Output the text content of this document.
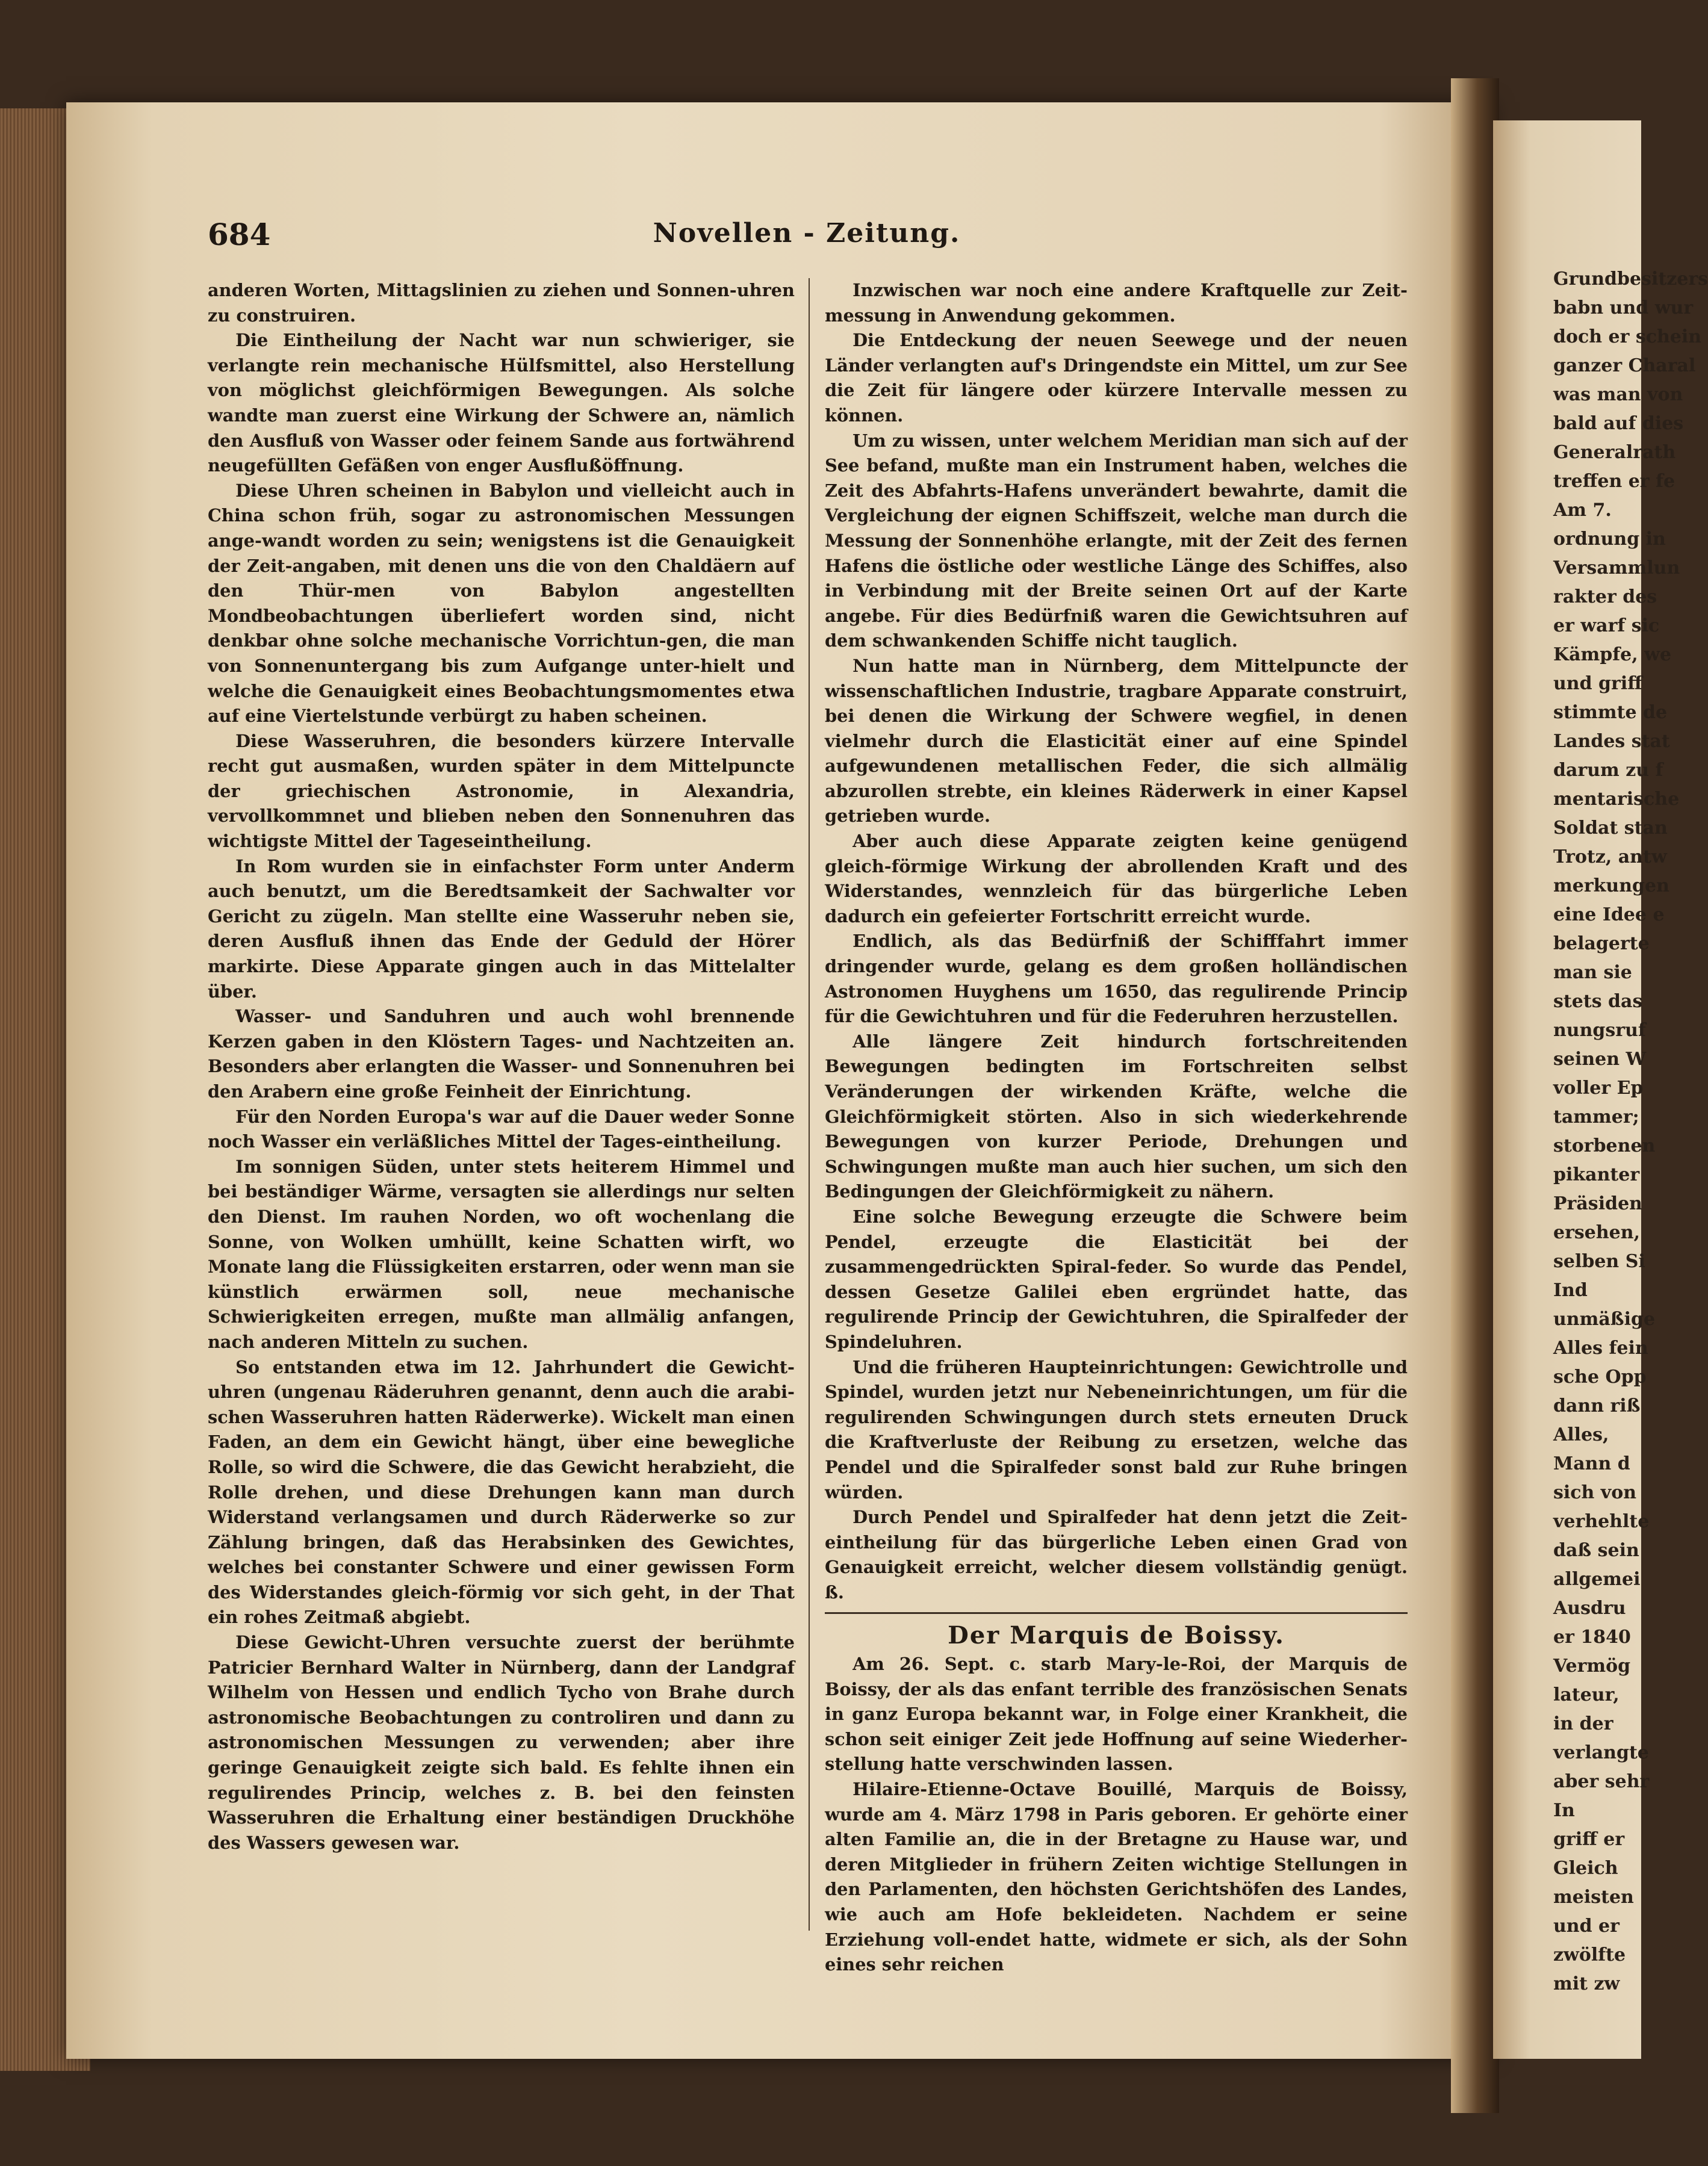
Grundbesitzers
babn und wur
doch er schein
ganzer Charal
was man von
bald auf dies
Generalrath
treffen er fe
Am 7.
ordnung in
Versammlun
rakter des
er warf sic
Kämpfe, we
und griff
stimmte de
Landes stat
darum zu f
mentarische
Soldat stan
Trotz, antw
merkungen
eine Idee e
belagerte
man sie
stets das
nungsruf
seinen W
voller Ep
tammer;
storbenen
pikanter
Präsiden
ersehen,
selben Si
Ind
unmäßige
Alles fein
sche Opp
dann riß
Alles,
Mann d
sich von
verhehlte
daß sein
allgemei
Ausdru
er 1840
Vermög
lateur,
in der
verlangte
aber sehr
In
griff er
Gleich
meisten
und er
zwölfte
mit zw
684	Novellen - Zeitung.

anderen Worten, Mittagslinien zu ziehen und Sonnen-uhren zu construiren.

Die Eintheilung der Nacht war nun schwieriger, sie verlangte rein mechanische Hülfsmittel, also Herstellung von möglichst gleichförmigen Bewegungen. Als solche wandte man zuerst eine Wirkung der Schwere an, nämlich den Ausfluß von Wasser oder feinem Sande aus fortwährend neugefüllten Gefäßen von enger Ausflußöffnung.

Diese Uhren scheinen in Babylon und vielleicht auch in China schon früh, sogar zu astronomischen Messungen ange-wandt worden zu sein; wenigstens ist die Genauigkeit der Zeit-angaben, mit denen uns die von den Chaldäern auf den Thür-men von Babylon angestellten Mondbeobachtungen überliefert worden sind, nicht denkbar ohne solche mechanische Vorrichtun-gen, die man von Sonnenuntergang bis zum Aufgange unter-hielt und welche die Genauigkeit eines Beobachtungsmomentes etwa auf eine Viertelstunde verbürgt zu haben scheinen.

Diese Wasseruhren, die besonders kürzere Intervalle recht gut ausmaßen, wurden später in dem Mittelpuncte der griechischen Astronomie, in Alexandria, vervollkommnet und blieben neben den Sonnenuhren das wichtigste Mittel der Tageseintheilung.

In Rom wurden sie in einfachster Form unter Anderm auch benutzt, um die Beredtsamkeit der Sachwalter vor Gericht zu zügeln. Man stellte eine Wasseruhr neben sie, deren Ausfluß ihnen das Ende der Geduld der Hörer markirte. Diese Apparate gingen auch in das Mittelalter über.

Wasser- und Sanduhren und auch wohl brennende Kerzen gaben in den Klöstern Tages- und Nachtzeiten an. Besonders aber erlangten die Wasser- und Sonnenuhren bei den Arabern eine große Feinheit der Einrichtung.

Für den Norden Europa's war auf die Dauer weder Sonne noch Wasser ein verläßliches Mittel der Tages-eintheilung.

Im sonnigen Süden, unter stets heiterem Himmel und bei beständiger Wärme, versagten sie allerdings nur selten den Dienst. Im rauhen Norden, wo oft wochenlang die Sonne, von Wolken umhüllt, keine Schatten wirft, wo Monate lang die Flüssigkeiten erstarren, oder wenn man sie künstlich erwärmen soll, neue mechanische Schwierigkeiten erregen, mußte man allmälig anfangen, nach anderen Mitteln zu suchen.

So entstanden etwa im 12. Jahrhundert die Gewicht-uhren (ungenau Räderuhren genannt, denn auch die arabi-schen Wasseruhren hatten Räderwerke). Wickelt man einen Faden, an dem ein Gewicht hängt, über eine bewegliche Rolle, so wird die Schwere, die das Gewicht herabzieht, die Rolle drehen, und diese Drehungen kann man durch Widerstand verlangsamen und durch Räderwerke so zur Zählung bringen, daß das Herabsinken des Gewichtes, welches bei constanter Schwere und einer gewissen Form des Widerstandes gleich-förmig vor sich geht, in der That ein rohes Zeitmaß abgiebt.

Diese Gewicht-Uhren versuchte zuerst der berühmte Patricier Bernhard Walter in Nürnberg, dann der Landgraf Wilhelm von Hessen und endlich Tycho von Brahe durch astronomische Beobachtungen zu controliren und dann zu astronomischen Messungen zu verwenden; aber ihre geringe Genauigkeit zeigte sich bald. Es fehlte ihnen ein regulirendes Princip, welches z. B. bei den feinsten Wasseruhren die Erhaltung einer beständigen Druckhöhe des Wassers gewesen war.

Inzwischen war noch eine andere Kraftquelle zur Zeit-messung in Anwendung gekommen.

Die Entdeckung der neuen Seewege und der neuen Länder verlangten auf's Dringendste ein Mittel, um zur See die Zeit für längere oder kürzere Intervalle messen zu können.

Um zu wissen, unter welchem Meridian man sich auf der See befand, mußte man ein Instrument haben, welches die Zeit des Abfahrts-Hafens unverändert bewahrte, damit die Vergleichung der eignen Schiffszeit, welche man durch die Messung der Sonnenhöhe erlangte, mit der Zeit des fernen Hafens die östliche oder westliche Länge des Schiffes, also in Verbindung mit der Breite seinen Ort auf der Karte angebe. Für dies Bedürfniß waren die Gewichtsuhren auf dem schwankenden Schiffe nicht tauglich.

Nun hatte man in Nürnberg, dem Mittelpuncte der wissenschaftlichen Industrie, tragbare Apparate construirt, bei denen die Wirkung der Schwere wegfiel, in denen vielmehr durch die Elasticität einer auf eine Spindel aufgewundenen metallischen Feder, die sich allmälig abzurollen strebte, ein kleines Räderwerk in einer Kapsel getrieben wurde.

Aber auch diese Apparate zeigten keine genügend gleich-förmige Wirkung der abrollenden Kraft und des Widerstandes, wennzleich für das bürgerliche Leben dadurch ein gefeierter Fortschritt erreicht wurde.

Endlich, als das Bedürfniß der Schifffahrt immer dringender wurde, gelang es dem großen holländischen Astronomen Huyghens um 1650, das regulirende Princip für die Gewichtuhren und für die Federuhren herzustellen.

Alle längere Zeit hindurch fortschreitenden Bewegungen bedingten im Fortschreiten selbst Veränderungen der wirkenden Kräfte, welche die Gleichförmigkeit störten. Also in sich wiederkehrende Bewegungen von kurzer Periode, Drehungen und Schwingungen mußte man auch hier suchen, um sich den Bedingungen der Gleichförmigkeit zu nähern.

Eine solche Bewegung erzeugte die Schwere beim Pendel, erzeugte die Elasticität bei der zusammengedrückten Spiral-feder. So wurde das Pendel, dessen Gesetze Galilei eben ergründet hatte, das regulirende Princip der Gewichtuhren, die Spiralfeder der Spindeluhren.

Und die früheren Haupteinrichtungen: Gewichtrolle und Spindel, wurden jetzt nur Nebeneinrichtungen, um für die regulirenden Schwingungen durch stets erneuten Druck die Kraftverluste der Reibung zu ersetzen, welche das Pendel und die Spiralfeder sonst bald zur Ruhe bringen würden.

Durch Pendel und Spiralfeder hat denn jetzt die Zeit-eintheilung für das bürgerliche Leben einen Grad von Genauigkeit erreicht, welcher diesem vollständig genügt. ß.

Der Marquis de Boissy.

Am 26. Sept. c. starb Mary-le-Roi, der Marquis de Boissy, der als das enfant terrible des französischen Senats in ganz Europa bekannt war, in Folge einer Krankheit, die schon seit einiger Zeit jede Hoffnung auf seine Wiederher-stellung hatte verschwinden lassen.

Hilaire-Etienne-Octave Bouillé, Marquis de Boissy, wurde am 4. März 1798 in Paris geboren. Er gehörte einer alten Familie an, die in der Bretagne zu Hause war, und deren Mitglieder in frühern Zeiten wichtige Stellungen in den Parlamenten, den höchsten Gerichtshöfen des Landes, wie auch am Hofe bekleideten. Nachdem er seine Erziehung voll-endet hatte, widmete er sich, als der Sohn eines sehr reichen
